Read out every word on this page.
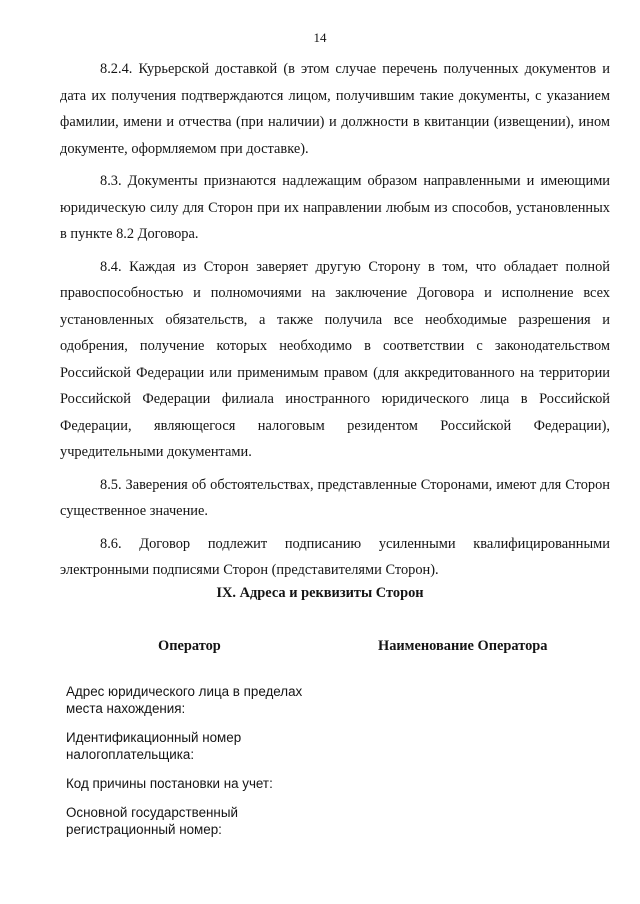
14

8.2.4. Курьерской доставкой (в этом случае перечень полученных документов и дата их получения подтверждаются лицом, получившим такие документы, с указанием фамилии, имени и отчества (при наличии) и должности в квитанции (извещении), ином документе, оформляемом при доставке).

8.3. Документы признаются надлежащим образом направленными и имеющими юридическую силу для Сторон при их направлении любым из способов, установленных в пункте 8.2 Договора.

8.4. Каждая из Сторон заверяет другую Сторону в том, что обладает полной правоспособностью и полномочиями на заключение Договора и исполнение всех установленных обязательств, а также получила все необходимые разрешения и одобрения, получение которых необходимо в соответствии с законодательством Российской Федерации или применимым правом (для аккредитованного на территории Российской Федерации филиала иностранного юридического лица в Российской Федерации, являющегося налоговым резидентом Российской Федерации), учредительными документами.

8.5. Заверения об обстоятельствах, представленные Сторонами, имеют для Сторон существенное значение.

8.6. Договор подлежит подписанию усиленными квалифицированными электронными подписями Сторон (представителями Сторон).

IX. Адреса и реквизиты Сторон
Оператор	Наименование Оператора
Адрес юридического лица в пределах места нахождения:
Идентификационный номер налогоплательщика:
Код причины постановки на учет:
Основной государственный регистрационный номер:
